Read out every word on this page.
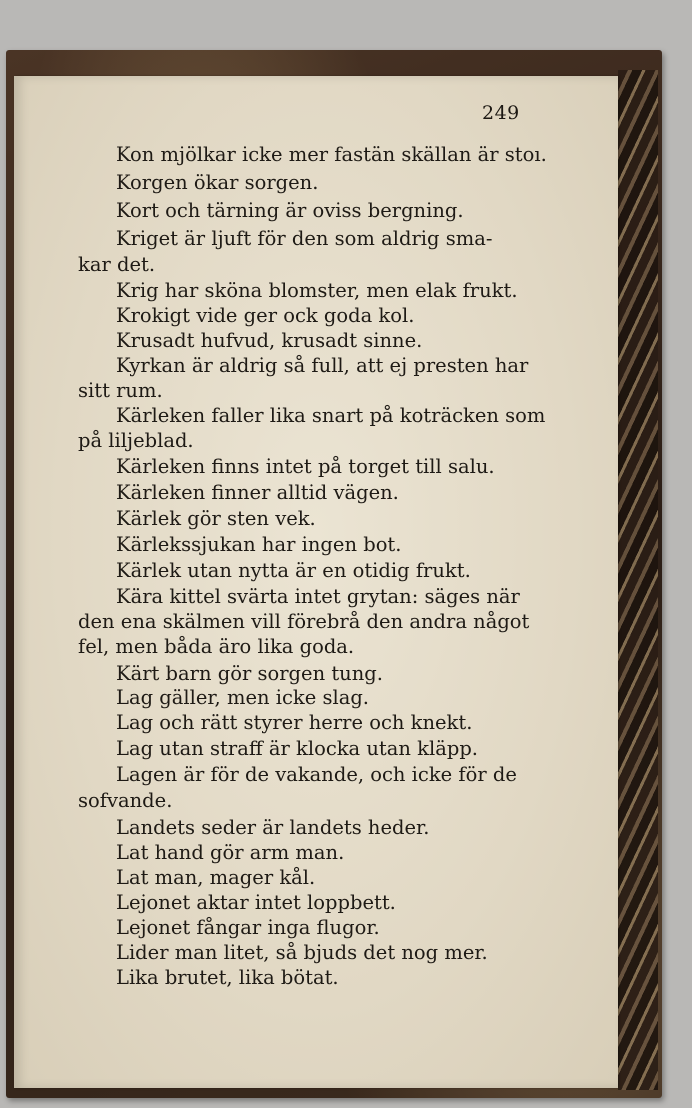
249
Kon mjölkar icke mer fastän skällan är stoı.
Korgen ökar sorgen.
Kort och tärning är oviss bergning.
Kriget är ljuft för den som aldrig sma-
kar det.
Krig har sköna blomster, men elak frukt.
Krokigt vide ger ock goda kol.
Krusadt hufvud, krusadt sinne.
Kyrkan är aldrig så full, att ej presten har
sitt rum.
Kärleken faller lika snart på koträcken som
på liljeblad.
Kärleken finns intet på torget till salu.
Kärleken finner alltid vägen.
Kärlek gör sten vek.
Kärlekssjukan har ingen bot.
Kärlek utan nytta är en otidig frukt.
Kära kittel svärta intet grytan: säges när
den ena skälmen vill förebrå den andra något
fel, men båda äro lika goda.
Kärt barn gör sorgen tung.
Lag gäller, men icke slag.
Lag och rätt styrer herre och knekt.
Lag utan straff är klocka utan kläpp.
Lagen är för de vakande, och icke för de
sofvande.
Landets seder är landets heder.
Lat hand gör arm man.
Lat man, mager kål.
Lejonet aktar intet loppbett.
Lejonet fångar inga flugor.
Lider man litet, så bjuds det nog mer.
Lika brutet, lika bötat.
